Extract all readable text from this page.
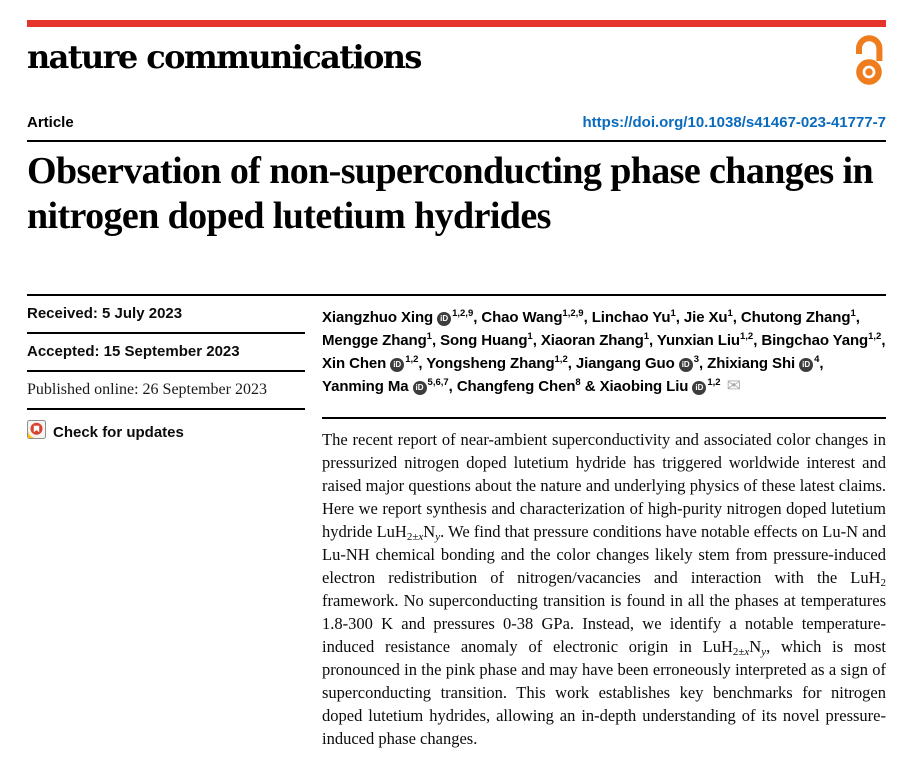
nature communications
Article	https://doi.org/10.1038/s41467-023-41777-7
Observation of non-superconducting phase changes in nitrogen doped lutetium hydrides
Received: 5 July 2023
Accepted: 15 September 2023
Published online: 26 September 2023
Check for updates
Xiangzhuo Xing iD $^{1,2,9}$, Chao Wang$^{1,2,9}$, Linchao Yu$^1$, Jie Xu$^1$, Chutong Zhang$^1$, Mengge Zhang$^1$, Song Huang$^1$, Xiaoran Zhang$^1$, Yunxian Liu$^{1,2}$, Bingchao Yang$^{1,2}$, Xin Chen iD $^{1,2}$, Yongsheng Zhang$^{1,2}$, Jiangang Guo iD $^3$, Zhixiang Shi iD $^4$, Yanming Ma iD $^{5,6,7}$, Changfeng Chen$^8$ & Xiaobing Liu iD $^{1,2}$ ✉

The recent report of near-ambient superconductivity and associated color changes in pressurized nitrogen doped lutetium hydride has triggered worldwide interest and raised major questions about the nature and underlying physics of these latest claims. Here we report synthesis and characterization of high-purity nitrogen doped lutetium hydride $LuH_{2\pm x}N_y$. We find that pressure conditions have notable effects on Lu-N and Lu-NH chemical bonding and the color changes likely stem from pressure-induced electron redistribution of nitrogen/vacancies and interaction with the LuH$_2$ framework. No superconducting transition is found in all the phases at temperatures 1.8-300 K and pressures 0-38 GPa. Instead, we identify a notable temperature-induced resistance anomaly of electronic origin in $LuH_{2\pm x}N_y$, which is most pronounced in the pink phase and may have been erroneously interpreted as a sign of superconducting transition. This work establishes key benchmarks for nitrogen doped lutetium hydrides, allowing an in-depth understanding of its novel pressure-induced phase changes.
